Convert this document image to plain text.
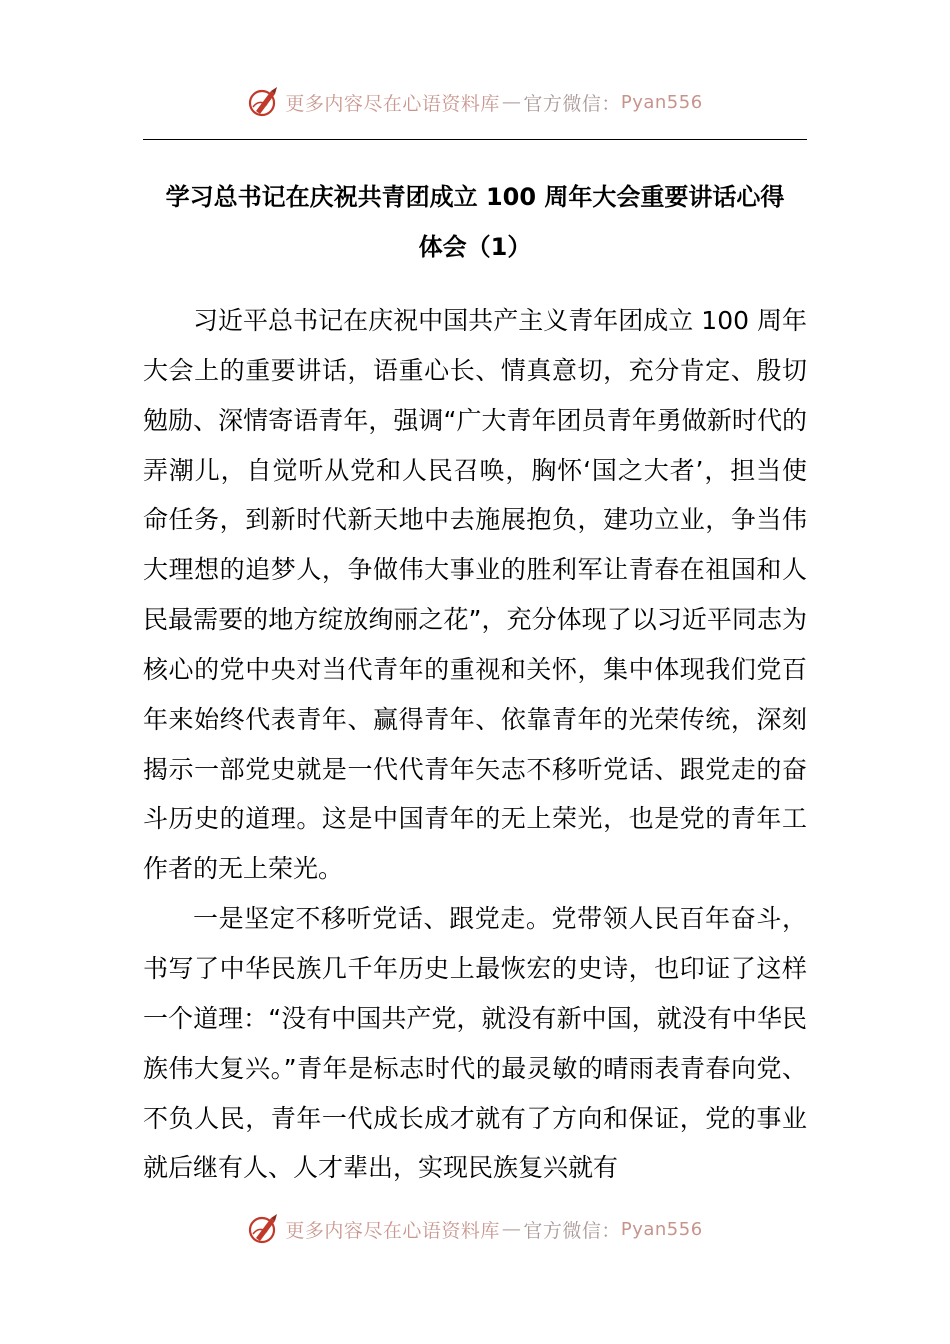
更多内容尽在心语资料库 — 官方微信： Pyan556
学习总书记在庆祝共青团成立 100 周年大会重要讲话心得
体会（1）

习近平总书记在庆祝中国共产主义青年团成立 100 周年大会上的重要讲话，语重心长、情真意切，充分肯定、殷切勉励、深情寄语青年，强调“广大青年团员青年勇做新时代的弄潮儿，自觉听从党和人民召唤，胸怀‘国之大者’，担当使命任务，到新时代新天地中去施展抱负，建功立业，争当伟大理想的追梦人，争做伟大事业的胜利军让青春在祖国和人民最需要的地方绽放绚丽之花”，充分体现了以习近平同志为核心的党中央对当代青年的重视和关怀，集中体现我们党百年来始终代表青年、赢得青年、依靠青年的光荣传统，深刻揭示一部党史就是一代代青年矢志不移听党话、跟党走的奋斗历史的道理。这是中国青年的无上荣光，也是党的青年工作者的无上荣光。

一是坚定不移听党话、跟党走。党带领人民百年奋斗，书写了中华民族几千年历史上最恢宏的史诗，也印证了这样一个道理：“没有中国共产党，就没有新中国，就没有中华民族伟大复兴。”青年是标志时代的最灵敏的晴雨表青春向党、不负人民，青年一代成长成才就有了方向和保证，党的事业就后继有人、人才辈出，实现民族复兴就有

更多内容尽在心语资料库 — 官方微信： Pyan556
